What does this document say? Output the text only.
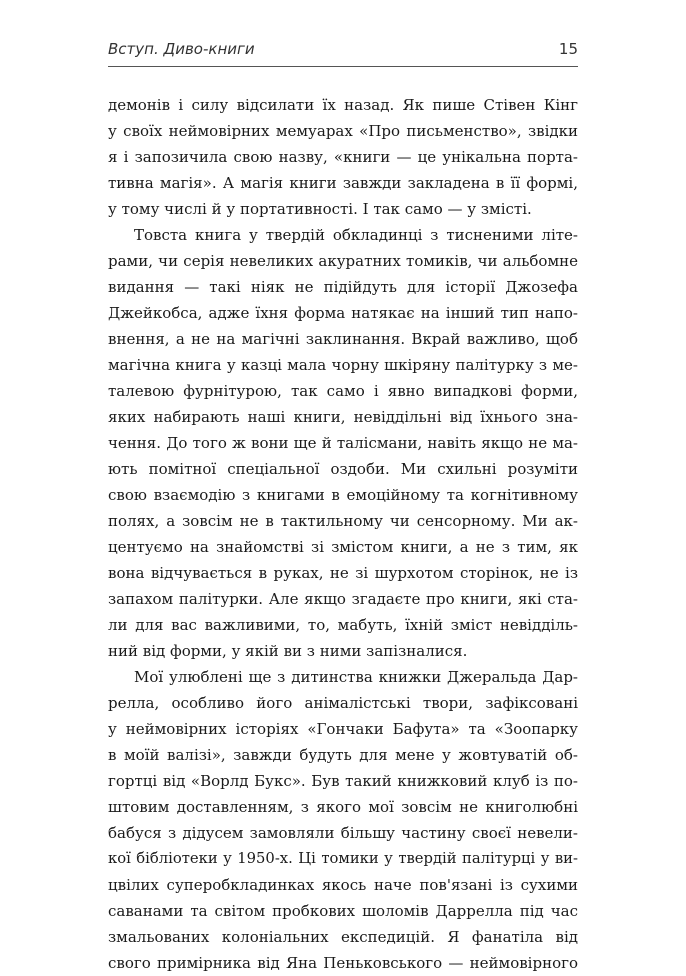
Вступ. Диво-книги	15
демонів і силу відсилати їх назад. Як пише Стівен Кінг
у своїх неймовірних мемуарах «Про письменство», звідки
я і запозичила свою назву, «книги — це унікальна порта-
тивна магія». А магія книги завжди закладена в її формі,
у тому числі й у портативності. І так само — у змісті.
Товста книга у твердій обкладинці з тисненими літе-
рами, чи серія невеликих акуратних томиків, чи альбомне
видання — такі ніяк не підійдуть для історії Джозефа
Джейкобса, адже їхня форма натякає на інший тип напо-
внення, а не на магічні заклинання. Вкрай важливо, щоб
магічна книга у казці мала чорну шкіряну палітурку з ме-
талевою фурнітурою, так само і явно випадкові форми,
яких набирають наші книги, невіддільні від їхнього зна-
чення. До того ж вони ще й талісмани, навіть якщо не ма-
ють помітної спеціальної оздоби. Ми схильні розуміти
свою взаємодію з книгами в емоційному та когнітивному
полях, а зовсім не в тактильному чи сенсорному. Ми ак-
центуємо на знайомстві зі змістом книги, а не з тим, як
вона відчувається в руках, не зі шурхотом сторінок, не із
запахом палітурки. Але якщо згадаєте про книги, які ста-
ли для вас важливими, то, мабуть, їхній зміст невідділь-
ний від форми, у якій ви з ними запізналися.
Мої улюблені ще з дитинства книжки Джеральда Дар-
релла, особливо його анімалістські твори, зафіксовані
у неймовірних історіях «Гончаки Бафута» та «Зоопарку
в моїй валізі», завжди будуть для мене у жовтуватій об-
гортці від «Ворлд Букс». Був такий книжковий клуб із по-
штовим доставленням, з якого мої зовсім не книголюбні
бабуся з дідусем замовляли більшу частину своєї невели-
кої бібліотеки у 1950-х. Ці томики у твердій палітурці у ви-
цвілих суперобкладинках якось наче пов'язані із сухими
саванами та світом пробкових шоломів Даррелла під час
змальованих колоніальних експедицій. Я фанатіла від
свого примірника від Яна Пеньковського — неймовірного
